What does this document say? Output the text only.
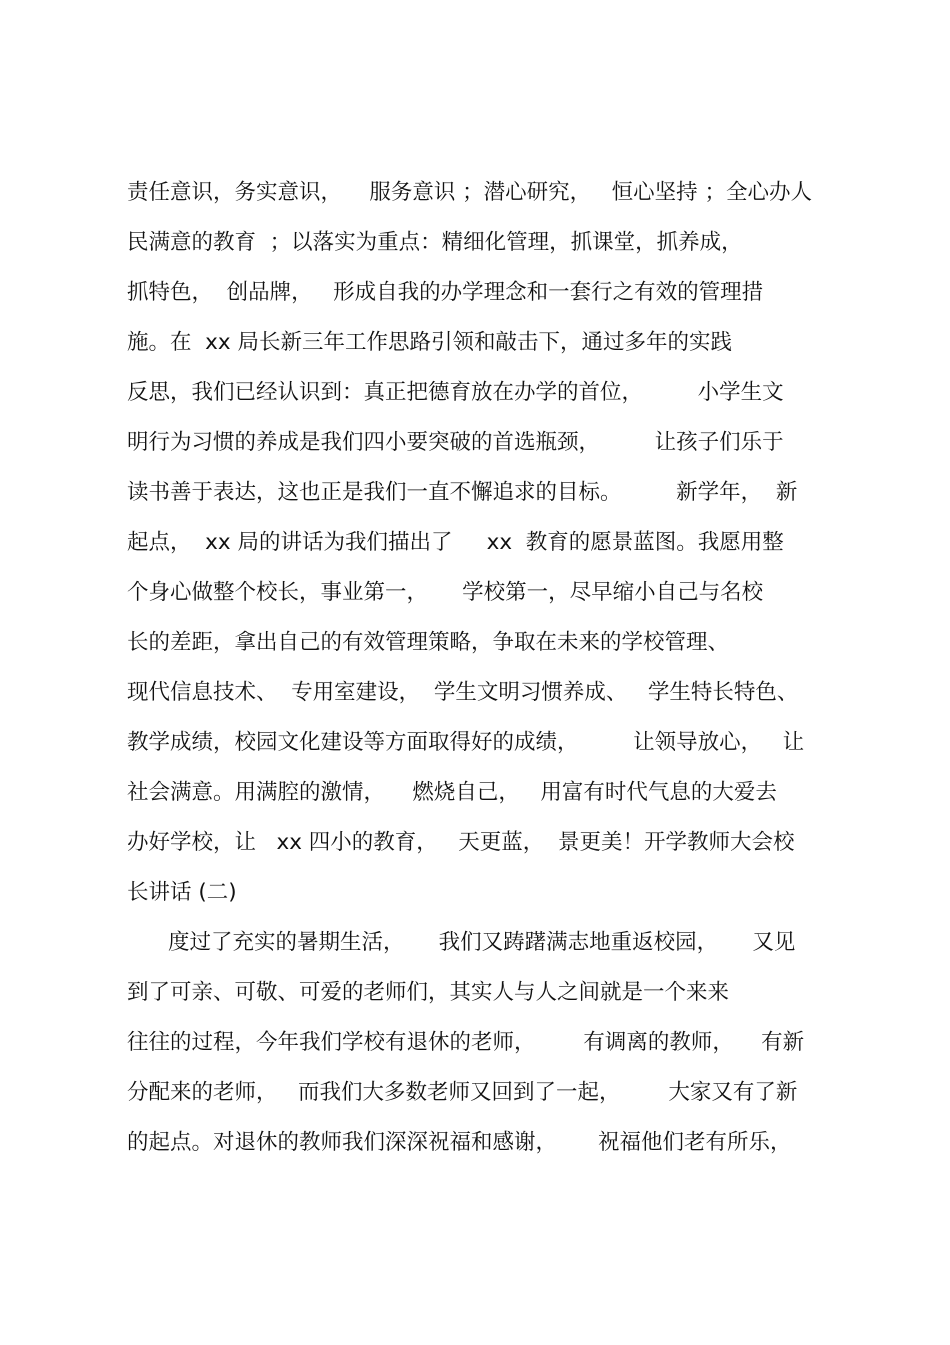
责任意识，务实意识，    服务意识 ；潜心研究，   恒心坚持 ；全心办人
民满意的教育  ；以落实为重点：精细化管理，抓课堂，抓养成，
抓特色，  创品牌，   形成自我的办学理念和一套行之有效的管理措
施。在  xx 局长新三年工作思路引领和敲击下，通过多年的实践
反思，我们已经认识到：真正把德育放在办学的首位，        小学生文
明行为习惯的养成是我们四小要突破的首选瓶颈，        让孩子们乐于
读书善于表达，这也正是我们一直不懈追求的目标。        新学年，  新
起点，  xx 局的讲话为我们描出了     xx  教育的愿景蓝图。我愿用整
个身心做整个校长，事业第一，     学校第一，尽早缩小自己与名校
长的差距，拿出自己的有效管理策略，争取在未来的学校管理、
现代信息技术、  专用室建设，  学生文明习惯养成、   学生特长特色、
教学成绩，校园文化建设等方面取得好的成绩，        让领导放心，   让
社会满意。用满腔的激情，    燃烧自己，   用富有时代气息的大爱去
办好学校，让   xx 四小的教育，   天更蓝，  景更美！开学教师大会校
长讲话 (二)
度过了充实的暑期生活，     我们又踌躇满志地重返校园，     又见
到了可亲、可敬、可爱的老师们，其实人与人之间就是一个来来
往往的过程，今年我们学校有退休的老师，       有调离的教师，    有新
分配来的老师，   而我们大多数老师又回到了一起，       大家又有了新
的起点。对退休的教师我们深深祝福和感谢，      祝福他们老有所乐，
